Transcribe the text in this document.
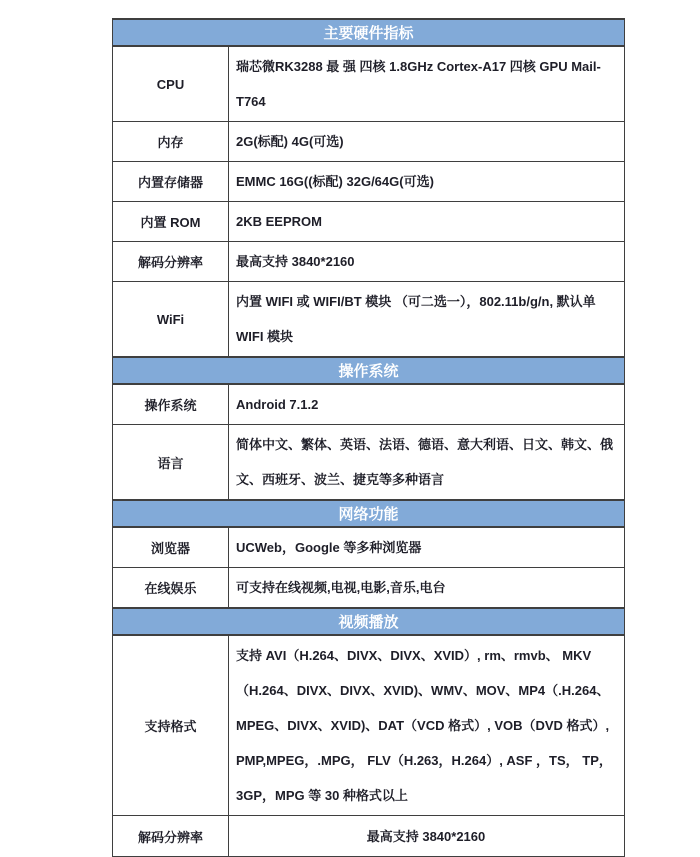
主要硬件指标	
CPU	瑞芯微RK3288 最 强 四核 1.8GHz Cortex-A17 四核 GPU Mail-T764
内存	2G(标配) 4G(可选)
内置存储器	EMMC 16G((标配) 32G/64G(可选)
内置 ROM	2KB EEPROM
解码分辨率	最高支持 3840*2160
WiFi	内置 WIFI 或 WIFI/BT 模块 （可二选一），802.11b/g/n, 默认单 WIFI 模块
操作系统	
操作系统	Android 7.1.2
语言	简体中文、繁体、英语、法语、德语、意大利语、日文、韩文、俄文、西班牙、波兰、捷克等多种语言
网络功能	
浏览器	UCWeb，Google 等多种浏览器
在线娱乐	可支持在线视频,电视,电影,音乐,电台
视频播放	
支持格式	支持 AVI（H.264、DIVX、DIVX、XVID）, rm、rmvb、 MKV（H.264、DIVX、DIVX、XVID)、WMV、MOV、MP4（.H.264、MPEG、DIVX、XVID)、DAT（VCD 格式）, VOB（DVD 格式）, PMP,MPEG，.MPG， FLV（H.263，H.264）, ASF ，TS， TP，3GP，MPG 等 30 种格式以上
解码分辨率	最高支持 3840*2160
